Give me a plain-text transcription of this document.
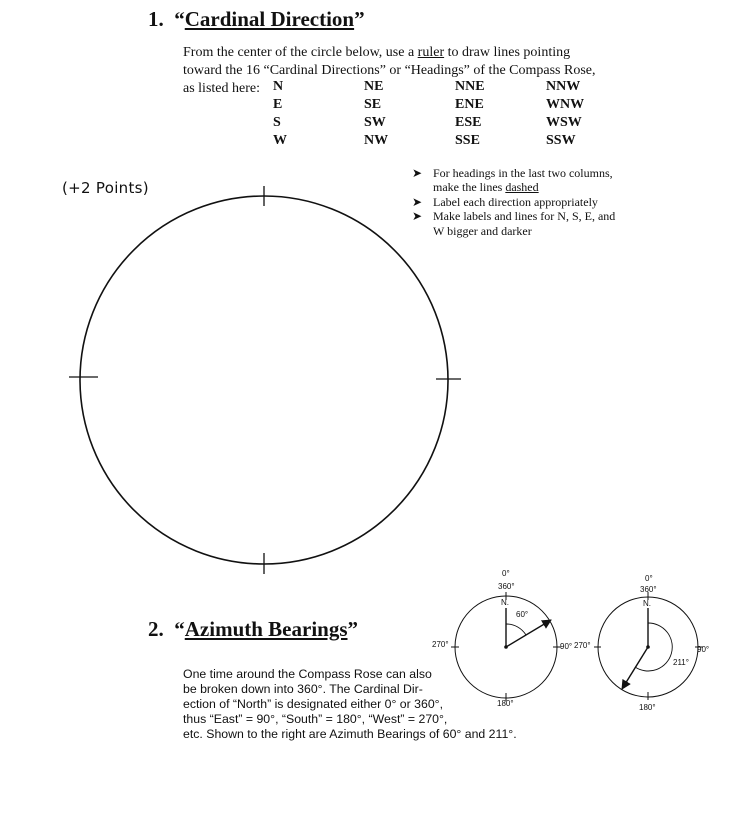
1. “Cardinal Direction”
From the center of the circle below, use a ruler to draw lines pointing
toward the 16 “Cardinal Directions” or “Headings” of the Compass Rose,
as listed here: N	NE	NNE	NNW
E	SE	ENE	WNW
S	SW	ESE	WSW
W	NW	SSE	SSW
(+2 Points)
➤ For headings in the last two columns,
make the lines dashed
➤ Label each direction appropriately
➤ Make labels and lines for N, S, E, and
W bigger and darker
2. “Azimuth Bearings”
One time around the Compass Rose can also
be broken down into 360°. The Cardinal Dir-
ection of “North” is designated either 0° or 360°,
thus “East” = 90°, “South” = 180°, “West” = 270°,
etc. Shown to the right are Azimuth Bearings of 60° and 211°.
0°
360°
N.
60°
270°	90°
180°
0°
360°
N.
211°
270°	90°
180°
